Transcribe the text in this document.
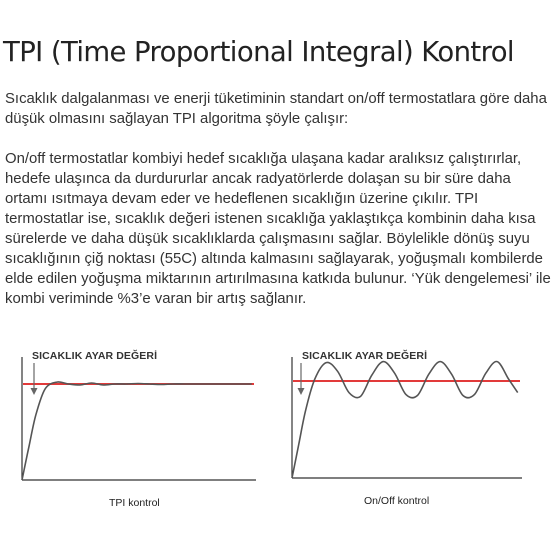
TPI (Time Proportional Integral) Kontrol

Sıcaklık dalgalanması ve enerji tüketiminin standart on/off termostatlara göre daha düşük olmasını sağlayan TPI algoritma şöyle çalışır:

On/off termostatlar kombiyi hedef sıcaklığa ulaşana kadar aralıksız çalıştırırlar, hedefe ulaşınca da durdururlar ancak radyatörlerde dolaşan su bir süre daha ortamı ısıtmaya devam eder ve hedeflenen sıcaklığın üzerine çıkılır. TPI termostatlar ise, sıcaklık değeri istenen sıcaklığa yaklaştıkça kombinin daha kısa sürelerde ve daha düşük sıcaklıklarda çalışmasını sağlar. Böylelikle dönüş suyu sıcaklığının çiğ noktası (55C) altında kalmasını sağlayarak, yoğuşmalı kombilerde elde edilen yoğuşma miktarının artırılmasına katkıda bulunur. ‘Yük dengelemesi’ ile kombi veriminde %3’e varan bir artış sağlanır.

SICAKLIK AYAR DEĞERİ
TPI kontrol
SICAKLIK AYAR DEĞERİ
On/Off kontrol
